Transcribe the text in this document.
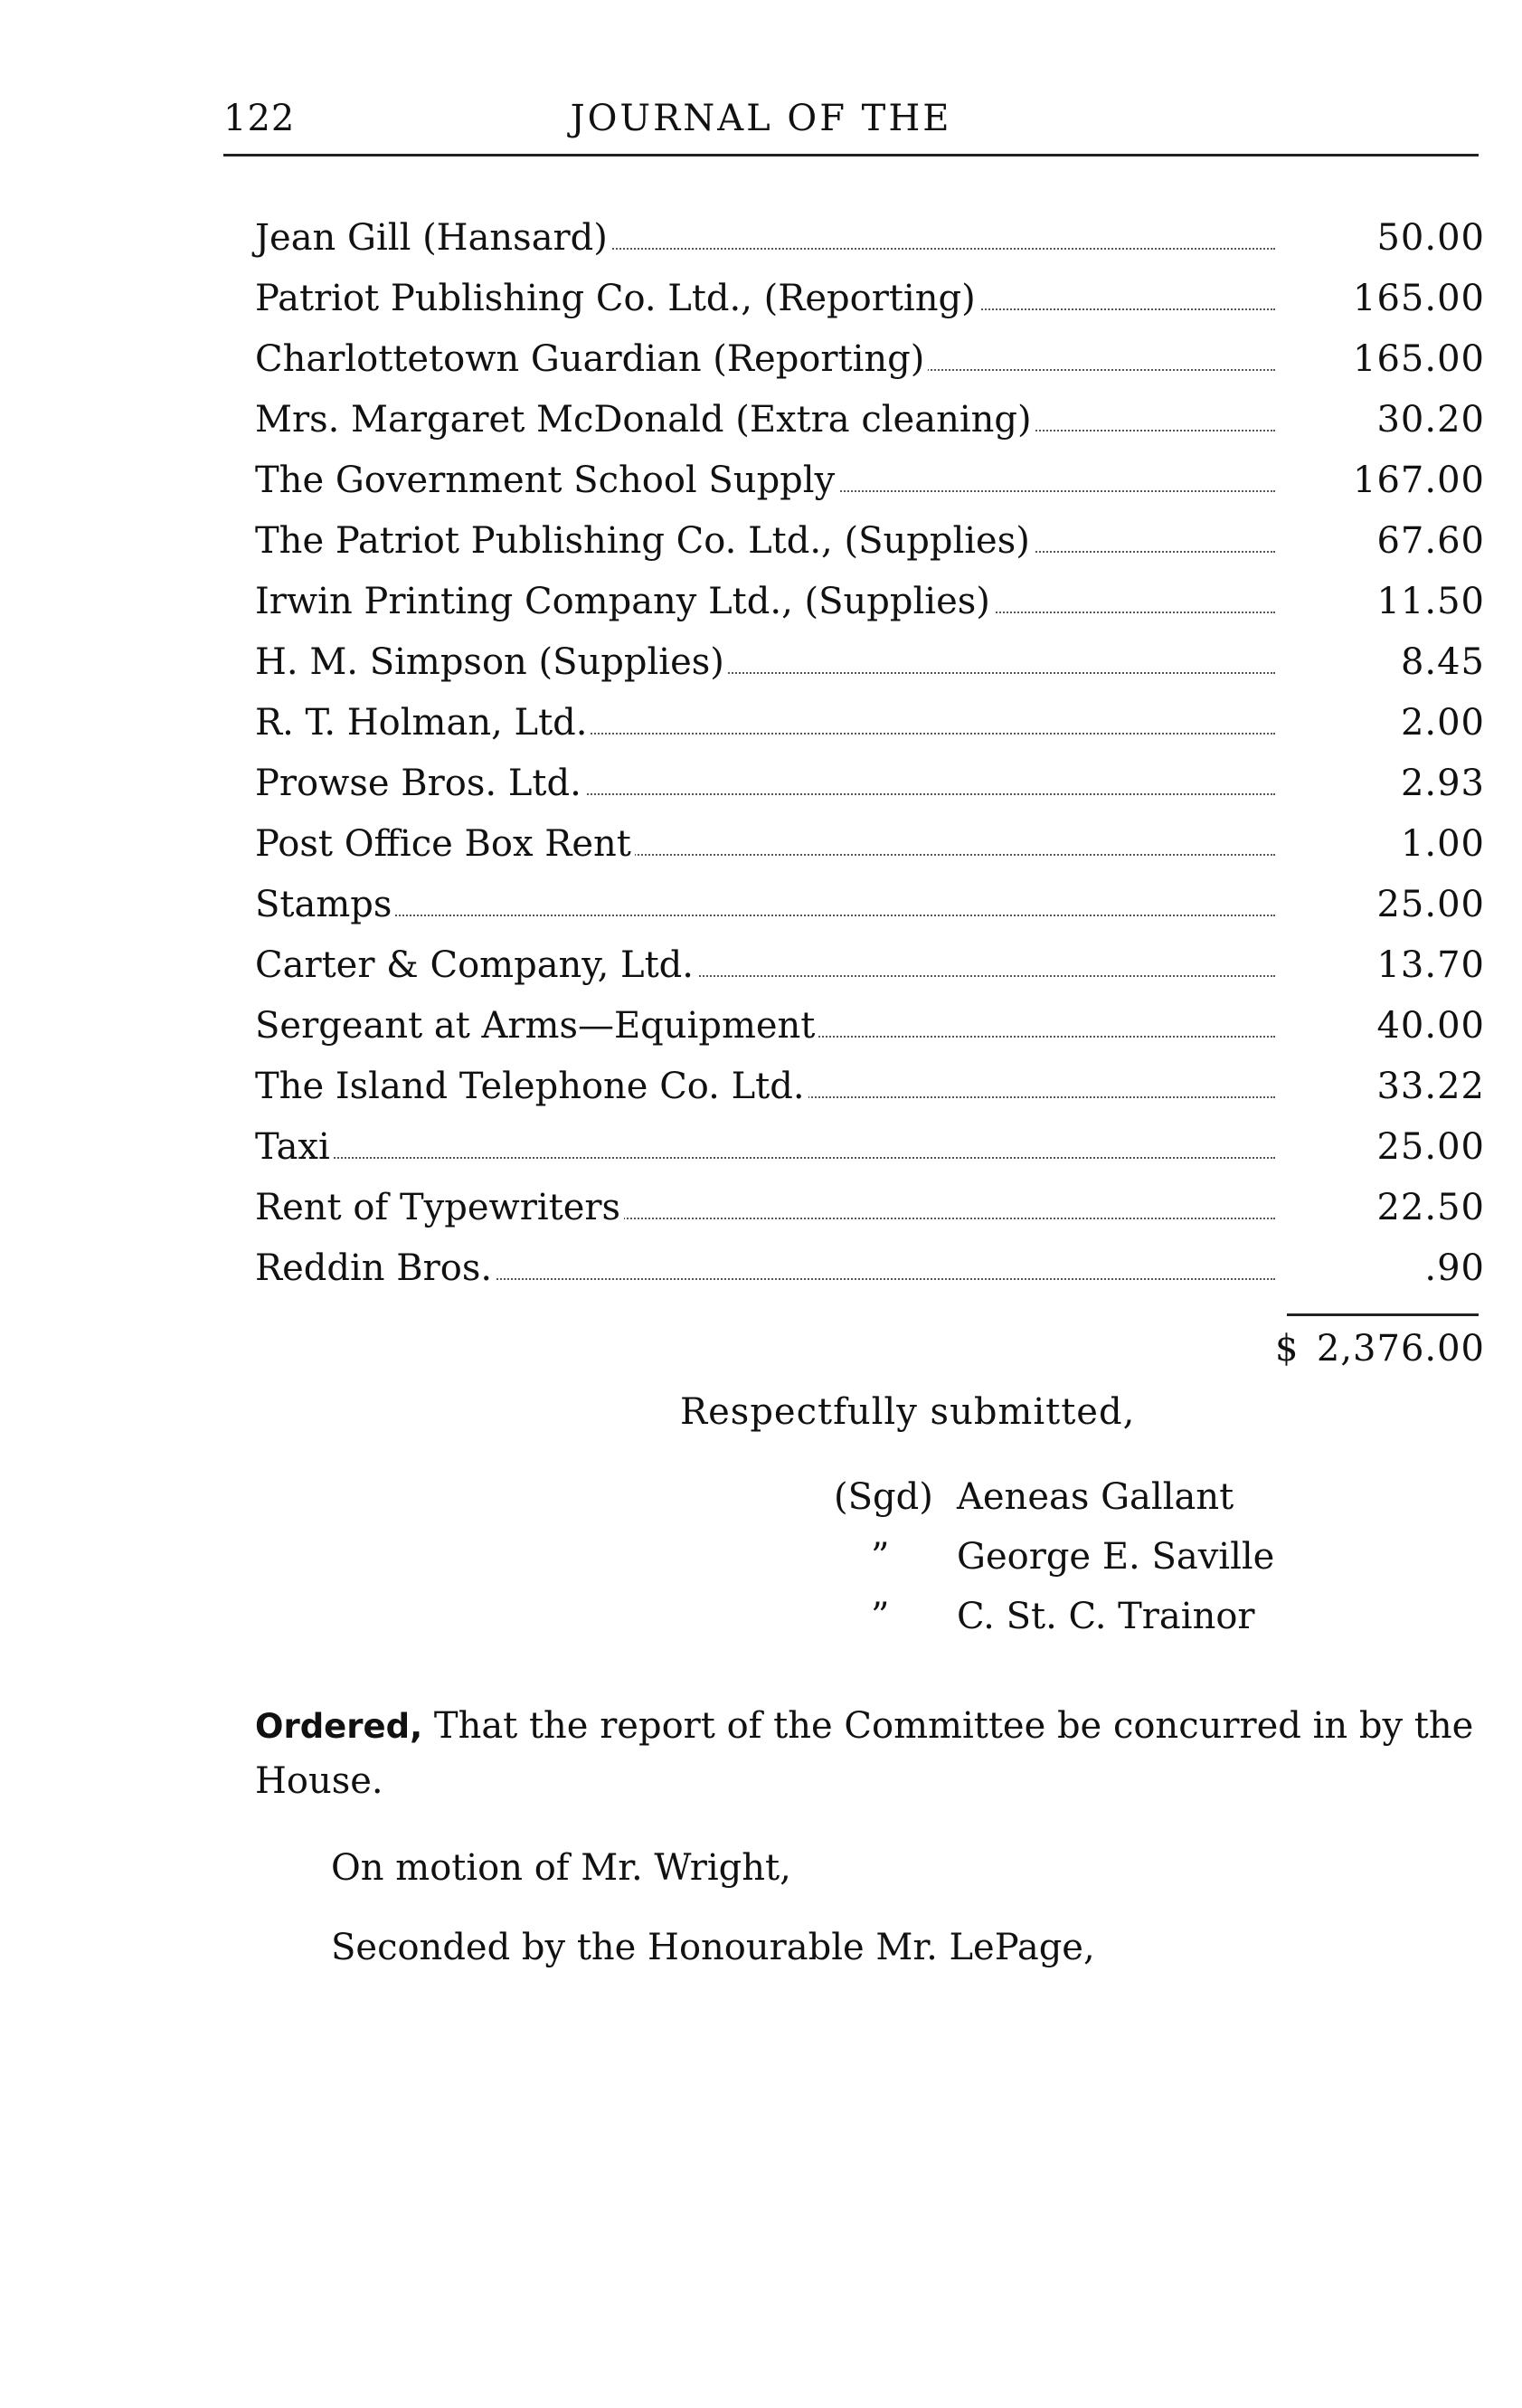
122	JOURNAL OF THE
Jean Gill (Hansard)	50.00
Patriot Publishing Co. Ltd., (Reporting)	165.00
Charlottetown Guardian (Reporting)	165.00
Mrs. Margaret McDonald (Extra cleaning)	30.20
The Government School Supply	167.00
The Patriot Publishing Co. Ltd., (Supplies)	67.60
Irwin Printing Company Ltd., (Supplies)	11.50
H. M. Simpson (Supplies)	8.45
R. T. Holman, Ltd.	2.00
Prowse Bros. Ltd.	2.93
Post Office Box Rent	1.00
Stamps	25.00
Carter & Company, Ltd.	13.70
Sergeant at Arms—Equipment	40.00
The Island Telephone Co. Ltd.	33.22
Taxi	25.00
Rent of Typewriters	22.50
Reddin Bros.	.90
$ 2,376.00
Respectfully submitted,
(Sgd) Aeneas Gallant
” George E. Saville
” C. St. C. Trainor
Ordered, That the report of the Committee be concurred in by the House.
On motion of Mr. Wright,
Seconded by the Honourable Mr. LePage,
